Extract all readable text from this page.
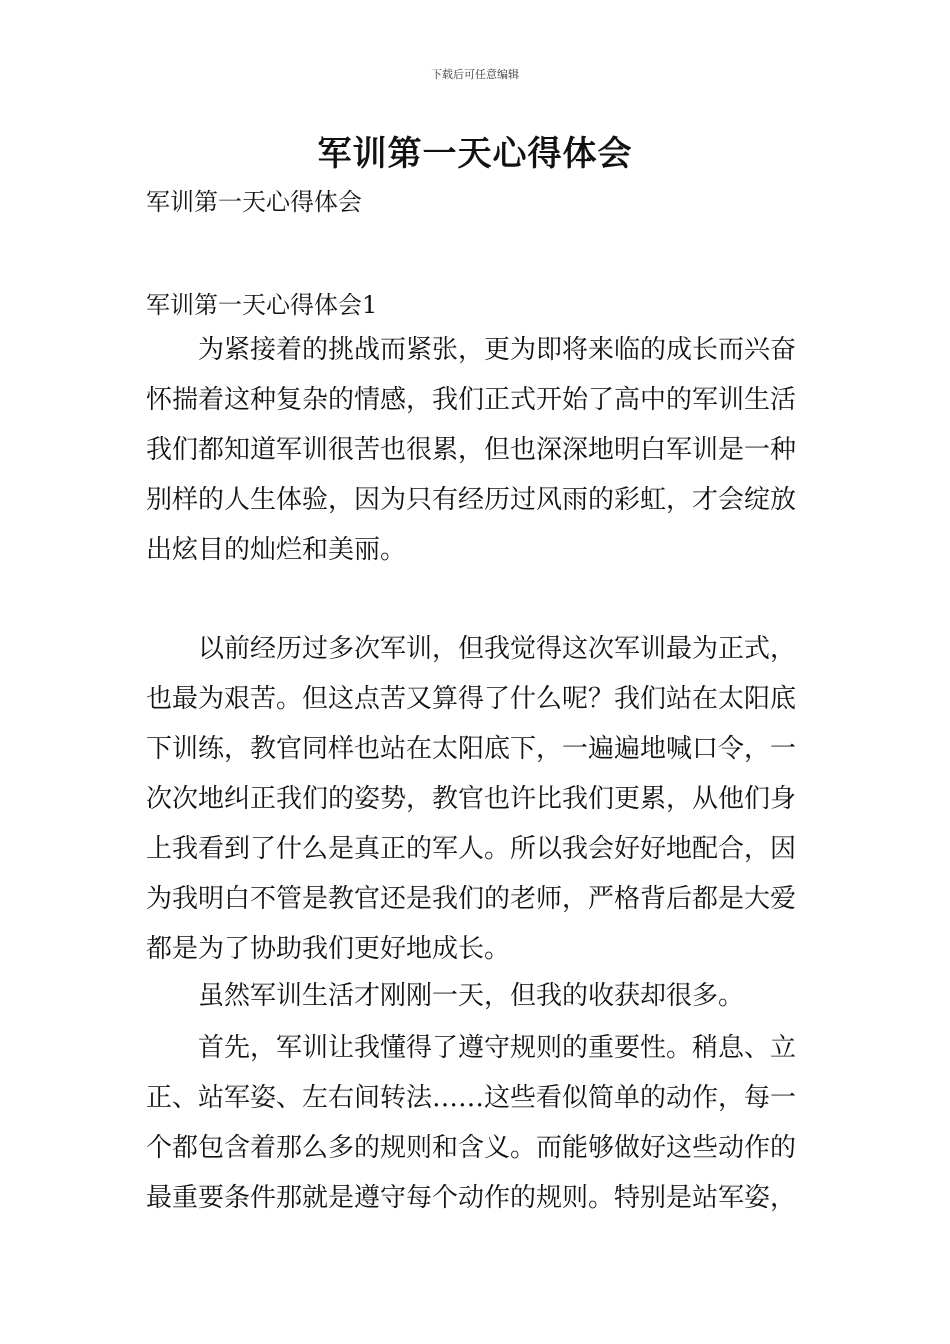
下载后可任意编辑
军训第一天心得体会

军训第一天心得体会

军训第一天心得体会1

为紧接着的挑战而紧张，更为即将来临的成长而兴奋
怀揣着这种复杂的情感，我们正式开始了高中的军训生活
我们都知道军训很苦也很累，但也深深地明白军训是一种
别样的人生体验，因为只有经历过风雨的彩虹，才会绽放
出炫目的灿烂和美丽。
以前经历过多次军训，但我觉得这次军训最为正式，
也最为艰苦。但这点苦又算得了什么呢？我们站在太阳底
下训练，教官同样也站在太阳底下，一遍遍地喊口令，一
次次地纠正我们的姿势，教官也许比我们更累，从他们身
上我看到了什么是真正的军人。所以我会好好地配合，因
为我明白不管是教官还是我们的老师，严格背后都是大爱
都是为了协助我们更好地成长。
虽然军训生活才刚刚一天，但我的收获却很多。
首先，军训让我懂得了遵守规则的重要性。稍息、立
正、站军姿、左右间转法……这些看似简单的动作，每一
个都包含着那么多的规则和含义。而能够做好这些动作的
最重要条件那就是遵守每个动作的规则。特别是站军姿，
